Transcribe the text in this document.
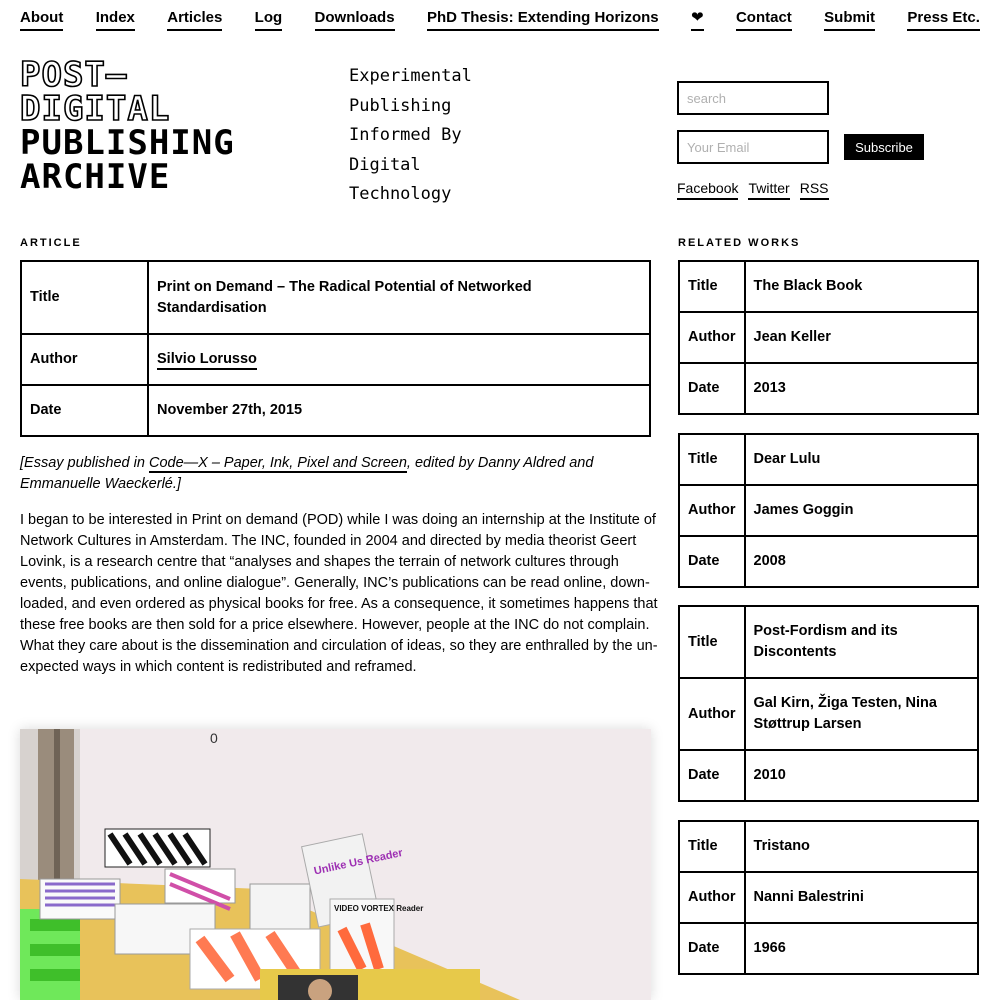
About Index Articles Log Downloads PhD Thesis: Extending Horizons ❤ Contact Submit Press Etc.
POST—
DIGITAL
PUBLISHING
ARCHIVE
Experimental Publishing Informed By Digital Technology
search
Your Email
Subscribe
Facebook Twitter RSS
ARTICLE	RELATED WORKS
Title	Print on Demand – The Radical Potential of Networked Standardisation
Author	Silvio Lorusso
Date	November 27th, 2015

[Essay published in Code—X – Paper, Ink, Pixel and Screen, edited by Danny Aldred and Emmanuelle Waeckerlé.]

I began to be interested in Print on demand (POD) while I was doing an internship at the Institute of Network Cultures in Amsterdam. The INC, founded in 2004 and directed by media theorist Geert Lovink, is a research centre that “analyses and shapes the terrain of network cultures through events, publications, and online dialogue”. Generally, INC’s publications can be read online, downloaded, and even ordered as physical books for free. As a consequence, it sometimes happens that these free books are then sold for a price elsewhere. However, people at the INC do not complain. What they care about is the dissemination and circulation of ideas, so they are enthralled by the unexpected ways in which content is redistributed and reframed.

0
Unlike Us Reader
VIDEO VORTEX Reader
Title	The Black Book
Author	Jean Keller
Date	2013
Title	Dear Lulu
Author	James Goggin
Date	2008
Title	Post-Fordism and its Discontents
Author	Gal Kirn, Žiga Testen, Nina Støttrup Larsen
Date	2010
Title	Tristano
Author	Nanni Balestrini
Date	1966
